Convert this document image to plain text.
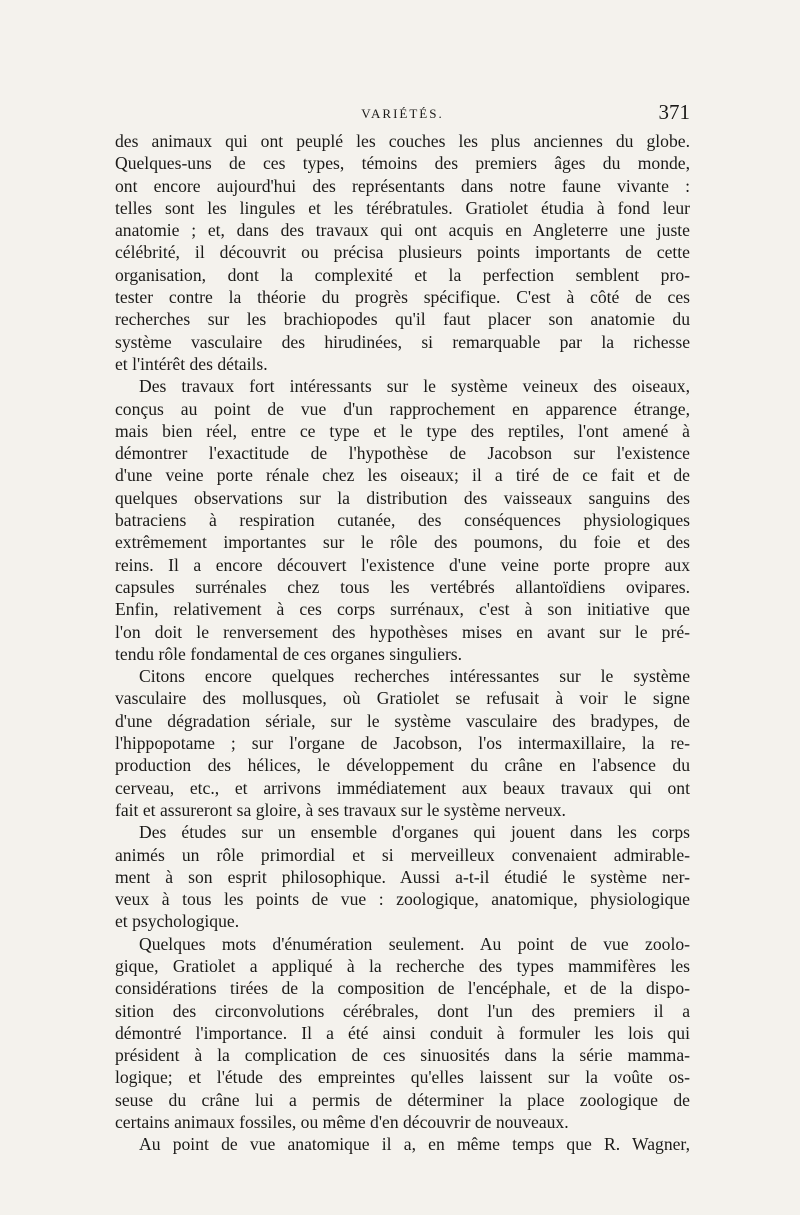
VARIÉTÉS.	371
des animaux qui ont peuplé les couches les plus anciennes du globe.
Quelques-uns de ces types, témoins des premiers âges du monde,
ont encore aujourd'hui des représentants dans notre faune vivante :
telles sont les lingules et les térébratules. Gratiolet étudia à fond leur
anatomie ; et, dans des travaux qui ont acquis en Angleterre une juste
célébrité, il découvrit ou précisa plusieurs points importants de cette
organisation, dont la complexité et la perfection semblent pro-
tester contre la théorie du progrès spécifique. C'est à côté de ces
recherches sur les brachiopodes qu'il faut placer son anatomie du
système vasculaire des hirudinées, si remarquable par la richesse
et l'intérêt des détails.
Des travaux fort intéressants sur le système veineux des oiseaux,
conçus au point de vue d'un rapprochement en apparence étrange,
mais bien réel, entre ce type et le type des reptiles, l'ont amené à
démontrer l'exactitude de l'hypothèse de Jacobson sur l'existence
d'une veine porte rénale chez les oiseaux; il a tiré de ce fait et de
quelques observations sur la distribution des vaisseaux sanguins des
batraciens à respiration cutanée, des conséquences physiologiques
extrêmement importantes sur le rôle des poumons, du foie et des
reins. Il a encore découvert l'existence d'une veine porte propre aux
capsules surrénales chez tous les vertébrés allantoïdiens ovipares.
Enfin, relativement à ces corps surrénaux, c'est à son initiative que
l'on doit le renversement des hypothèses mises en avant sur le pré-
tendu rôle fondamental de ces organes singuliers.
Citons encore quelques recherches intéressantes sur le système
vasculaire des mollusques, où Gratiolet se refusait à voir le signe
d'une dégradation sériale, sur le système vasculaire des bradypes, de
l'hippopotame ; sur l'organe de Jacobson, l'os intermaxillaire, la re-
production des hélices, le développement du crâne en l'absence du
cerveau, etc., et arrivons immédiatement aux beaux travaux qui ont
fait et assureront sa gloire, à ses travaux sur le système nerveux.
Des études sur un ensemble d'organes qui jouent dans les corps
animés un rôle primordial et si merveilleux convenaient admirable-
ment à son esprit philosophique. Aussi a-t-il étudié le système ner-
veux à tous les points de vue : zoologique, anatomique, physiologique
et psychologique.
Quelques mots d'énumération seulement. Au point de vue zoolo-
gique, Gratiolet a appliqué à la recherche des types mammifères les
considérations tirées de la composition de l'encéphale, et de la dispo-
sition des circonvolutions cérébrales, dont l'un des premiers il a
démontré l'importance. Il a été ainsi conduit à formuler les lois qui
président à la complication de ces sinuosités dans la série mamma-
logique; et l'étude des empreintes qu'elles laissent sur la voûte os-
seuse du crâne lui a permis de déterminer la place zoologique de
certains animaux fossiles, ou même d'en découvrir de nouveaux.
Au point de vue anatomique il a, en même temps que R. Wagner,
